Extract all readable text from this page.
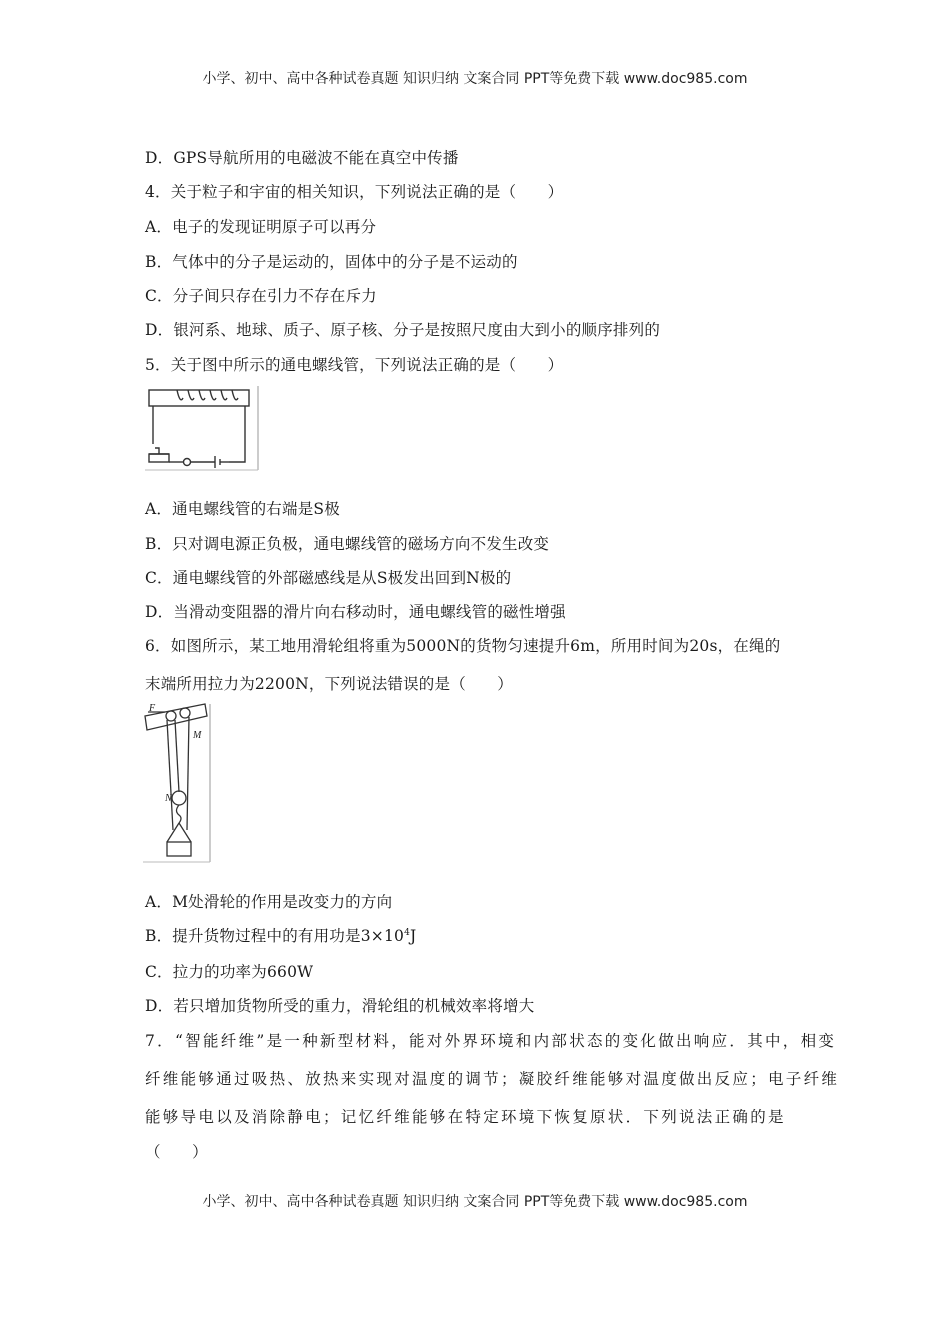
小学、初中、高中各种试卷真题 知识归纳 文案合同 PPT等免费下载 www.doc985.com
D．GPS导航所用的电磁波不能在真空中传播
4．关于粒子和宇宙的相关知识，下列说法正确的是（　　）
A．电子的发现证明原子可以再分
B．气体中的分子是运动的，固体中的分子是不运动的
C．分子间只存在引力不存在斥力
D．银河系、地球、质子、原子核、分子是按照尺度由大到小的顺序排列的
5．关于图中所示的通电螺线管，下列说法正确的是（　　）
A．通电螺线管的右端是S极
B．只对调电源正负极，通电螺线管的磁场方向不发生改变
C．通电螺线管的外部磁感线是从S极发出回到N极的
D．当滑动变阻器的滑片向右移动时，通电螺线管的磁性增强
6．如图所示，某工地用滑轮组将重为5000N的货物匀速提升6m，所用时间为20s，在绳的
末端所用拉力为2200N，下列说法错误的是（　　）
F
M
N
A．M处滑轮的作用是改变力的方向
B．提升货物过程中的有用功是$3\times 10^4J$
C．拉力的功率为660W
D．若只增加货物所受的重力，滑轮组的机械效率将增大
7．“智能纤维”是一种新型材料，能对外界环境和内部状态的变化做出响应．其中，相变
纤维能够通过吸热、放热来实现对温度的调节；凝胶纤维能够对温度做出反应；电子纤维
能够导电以及消除静电；记忆纤维能够在特定环境下恢复原状．下列说法正确的是
（　　）
小学、初中、高中各种试卷真题 知识归纳 文案合同 PPT等免费下载 www.doc985.com
